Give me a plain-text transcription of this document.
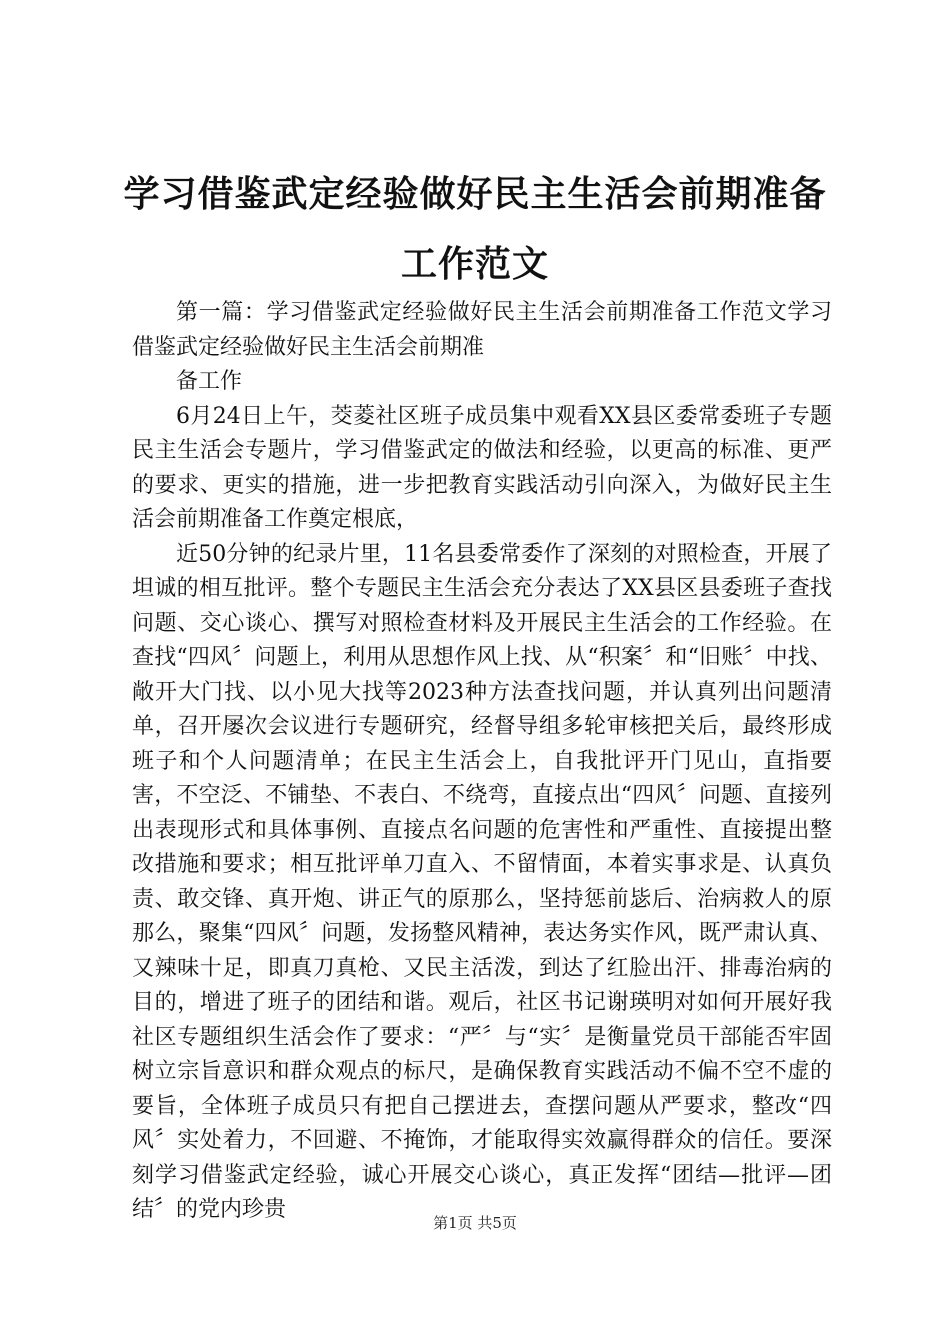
学习借鉴武定经验做好民主生活会前期准备工作范文

第一篇：学习借鉴武定经验做好民主生活会前期准备工作范文学习借鉴武定经验做好民主生活会前期准

备工作

6月24日上午，茭菱社区班子成员集中观看XX县区委常委班子专题民主生活会专题片，学习借鉴武定的做法和经验，以更高的标准、更严的要求、更实的措施，进一步把教育实践活动引向深入，为做好民主生活会前期准备工作奠定根底，

近50分钟的纪录片里，11名县委常委作了深刻的对照检查，开展了坦诚的相互批评。整个专题民主生活会充分表达了XX县区县委班子查找问题、交心谈心、撰写对照检查材料及开展民主生活会的工作经验。在查找“四风〞问题上，利用从思想作风上找、从“积案〞和“旧账〞中找、敞开大门找、以小见大找等2023种方法查找问题，并认真列出问题清单，召开屡次会议进行专题研究，经督导组多轮审核把关后，最终形成班子和个人问题清单；在民主生活会上，自我批评开门见山，直指要害，不空泛、不铺垫、不表白、不绕弯，直接点出“四风〞问题、直接列出表现形式和具体事例、直接点名问题的危害性和严重性、直接提出整改措施和要求；相互批评单刀直入、不留情面，本着实事求是、认真负责、敢交锋、真开炮、讲正气的原那么，坚持惩前毖后、治病救人的原那么，聚集“四风〞问题，发扬整风精神，表达务实作风，既严肃认真、又辣味十足，即真刀真枪、又民主活泼，到达了红脸出汗、排毒治病的目的，增进了班子的团结和谐。观后，社区书记谢瑛明对如何开展好我社区专题组织生活会作了要求：“严〞与“实〞是衡量党员干部能否牢固树立宗旨意识和群众观点的标尺，是确保教育实践活动不偏不空不虚的要旨，全体班子成员只有把自己摆进去，查摆问题从严要求，整改“四风〞实处着力，不回避、不掩饰，才能取得实效赢得群众的信任。要深刻学习借鉴武定经验，诚心开展交心谈心，真正发挥“团结—批评—团结〞的党内珍贵

第1页 共5页
